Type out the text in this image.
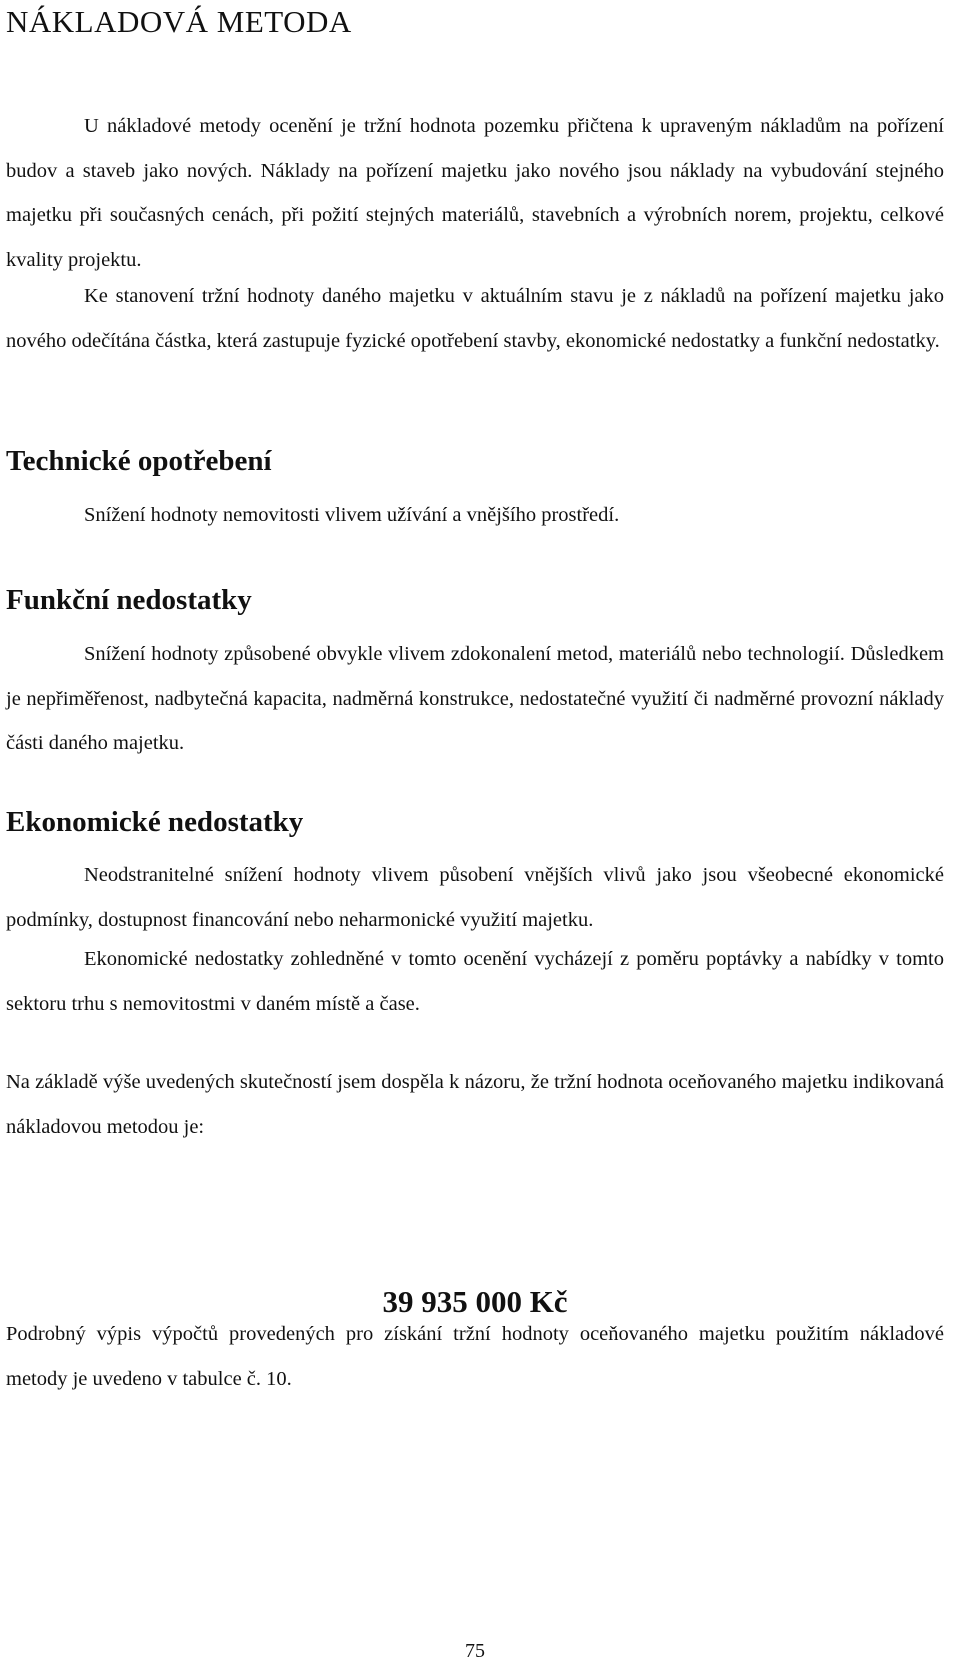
NÁKLADOVÁ METODA

U nákladové metody ocenění je tržní hodnota pozemku přičtena k upraveným nákladům na pořízení budov a staveb jako nových. Náklady na pořízení majetku jako nového jsou náklady na vybudování stejného majetku při současných cenách, při požití stejných materiálů, stavebních a výrobních norem, projektu, celkové kvality projektu.

Ke stanovení tržní hodnoty daného majetku v aktuálním stavu je z nákladů na pořízení majetku jako nového odečítána částka, která zastupuje fyzické opotřebení stavby, ekonomické nedostatky a funkční nedostatky.

Technické opotřebení

Snížení hodnoty nemovitosti vlivem užívání a vnějšího prostředí.

Funkční nedostatky

Snížení hodnoty způsobené obvykle vlivem zdokonalení metod, materiálů nebo technologií. Důsledkem je nepřiměřenost, nadbytečná kapacita, nadměrná konstrukce, nedostatečné využití či nadměrné provozní náklady části daného majetku.

Ekonomické nedostatky

Neodstranitelné snížení hodnoty vlivem působení vnějších vlivů jako jsou všeobecné ekonomické podmínky, dostupnost financování nebo neharmonické využití majetku.

Ekonomické nedostatky zohledněné v tomto ocenění vycházejí z poměru poptávky a nabídky v tomto sektoru trhu s nemovitostmi v daném místě a čase.

Na základě výše uvedených skutečností jsem dospěla k názoru, že tržní hodnota oceňovaného majetku indikovaná nákladovou metodou je:

39 935 000 Kč

Podrobný výpis výpočtů provedených pro získání tržní hodnoty oceňovaného majetku použitím nákladové metody je uvedeno v tabulce č. 10.

75
